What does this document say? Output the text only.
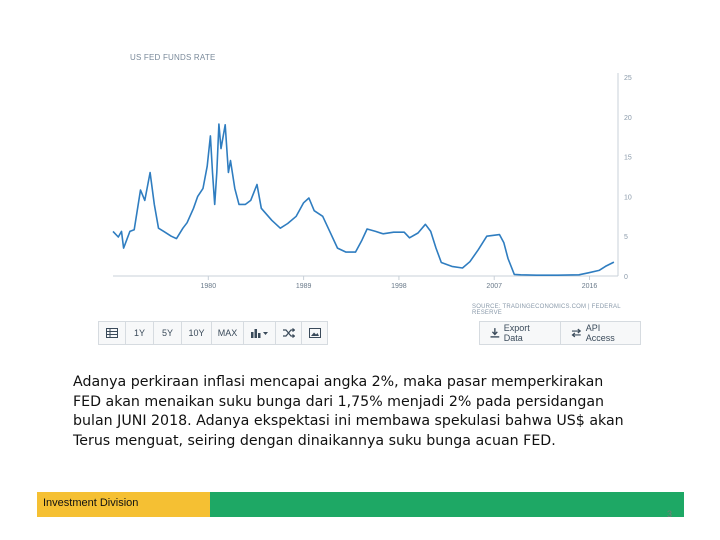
US FED FUNDS RATE
0
5
10
15
20
25
1980	1989	1998	2007	2016
SOURCE: TRADINGECONOMICS.COM | FEDERAL RESERVE
1Y	5Y	10Y	MAX	Export Data
API Access

Adanya perkiraan inflasi mencapai angka 2%, maka pasar memperkirakan

FED akan menaikan suku bunga dari 1,75% menjadi 2% pada persidangan

bulan JUNI 2018. Adanya ekspektasi ini membawa spekulasi bahwa US$ akan

Terus menguat, seiring dengan dinaikannya suku bunga acuan FED.

Investment Division
3
